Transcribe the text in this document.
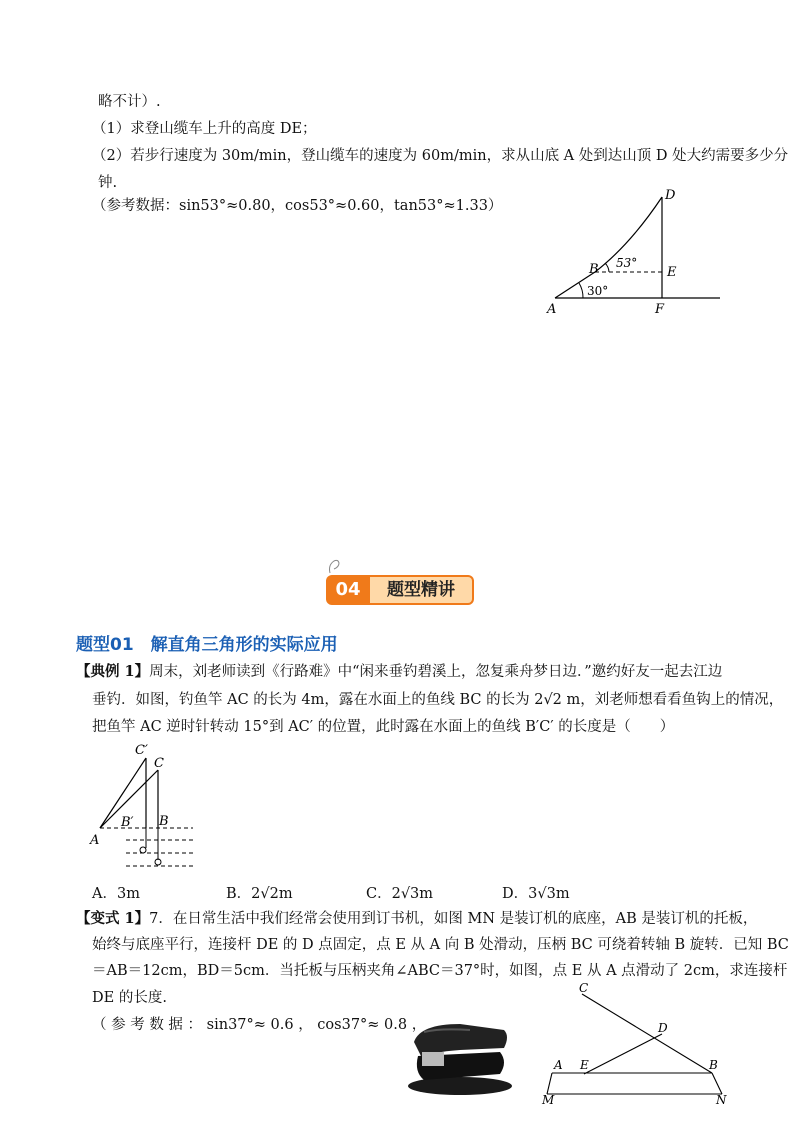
略不计）.
（1）求登山缆车上升的高度 DE；
（2）若步行速度为 30m/min，登山缆车的速度为 60m/min，求从山底 A 处到达山顶 D 处大约需要多少分
钟.
（参考数据：sin53°≈0.80，cos53°≈0.60，tan53°≈1.33）
D
E
B
A	F
53°
30°
04	题型精讲
题型01　解直角三角形的实际应用
【典例 1】周末，刘老师读到《行路难》中“闲来垂钓碧溪上，忽复乘舟梦日边．”邀约好友一起去江边
垂钓．如图，钓鱼竿 AC 的长为 4m，露在水面上的鱼线 BC 的长为 2√2 m，刘老师想看看鱼钩上的情况，
把鱼竿 AC 逆时针转动 15°到 AC′ 的位置，此时露在水面上的鱼线 B′C′ 的长度是（　　）
C′
C
B′ B
A
A．3m	B．2√2m	C．2√3m	D．3√3m
【变式 1】7．在日常生活中我们经常会使用到订书机，如图 MN 是装订机的底座，AB 是装订机的托板，
始终与底座平行，连接杆 DE 的 D 点固定，点 E 从 A 向 B 处滑动，压柄 BC 可绕着转轴 B 旋转．已知 BC
＝AB＝12cm，BD＝5cm．当托板与压柄夹角∠ABC＝37°时，如图，点 E 从 A 点滑动了 2cm，求连接杆
DE 的长度.
（ 参 考 数 据 ： sin37°≈ 0.6 ， cos37°≈ 0.8 ，
C
D
A E	B
M	N
